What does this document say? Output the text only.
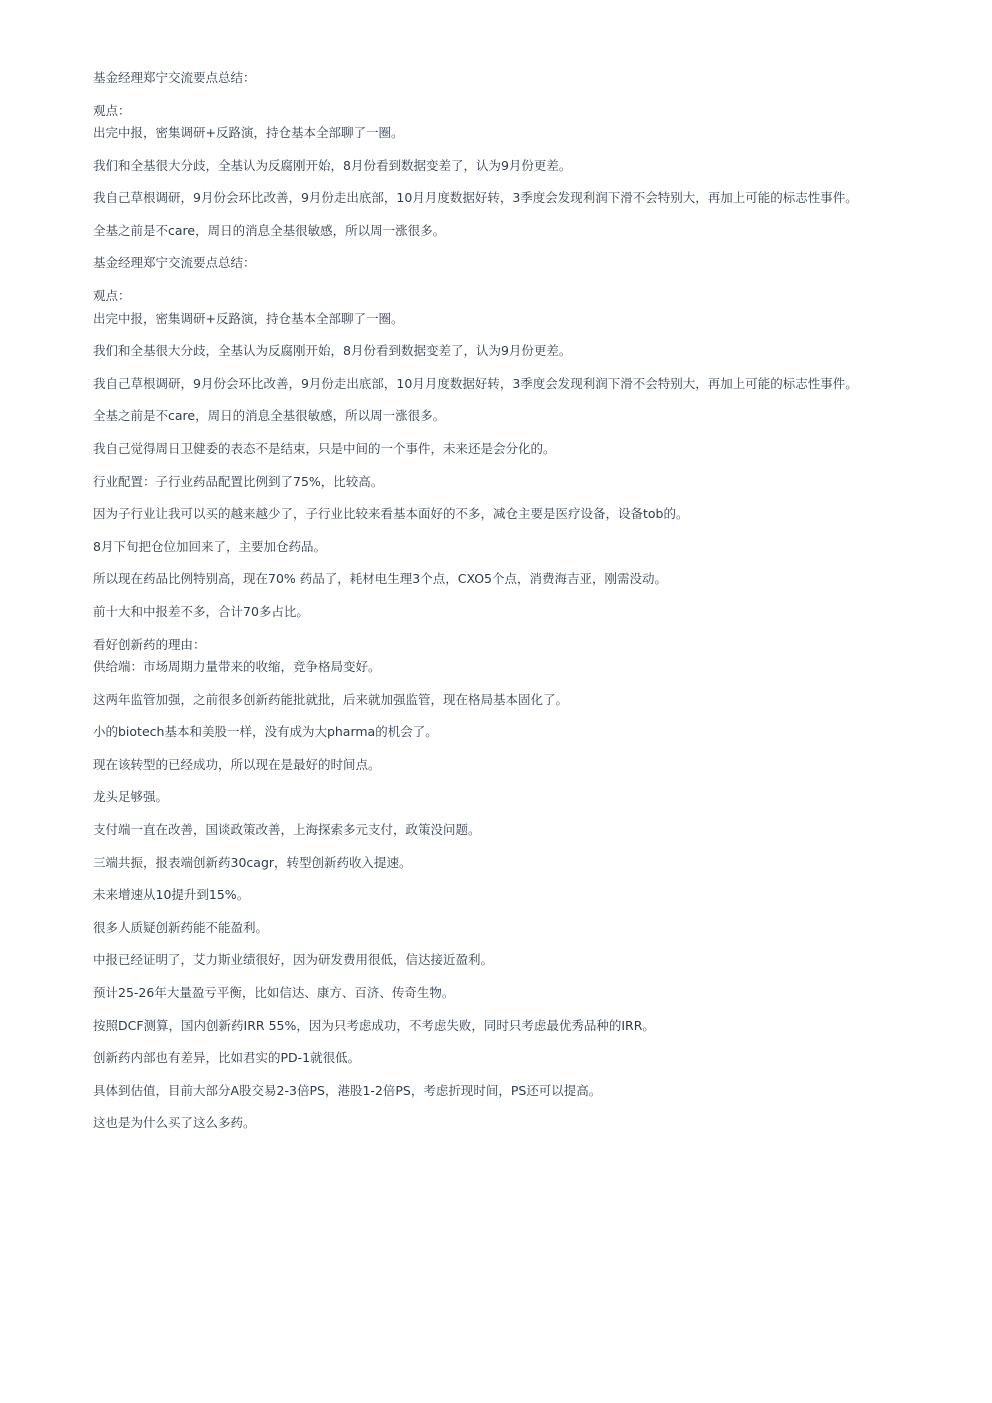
基金经理郑宁交流要点总结：
观点：
出完中报，密集调研+反路演，持仓基本全部聊了一圈。
我们和全基很大分歧，全基认为反腐刚开始，8月份看到数据变差了，认为9月份更差。
我自己草根调研，9月份会环比改善，9月份走出底部，10月月度数据好转，3季度会发现利润下滑不会特别大，再加上可能的标志性事件。
全基之前是不care，周日的消息全基很敏感，所以周一涨很多。
基金经理郑宁交流要点总结：
观点：
出完中报，密集调研+反路演，持仓基本全部聊了一圈。
我们和全基很大分歧，全基认为反腐刚开始，8月份看到数据变差了，认为9月份更差。
我自己草根调研，9月份会环比改善，9月份走出底部，10月月度数据好转，3季度会发现利润下滑不会特别大，再加上可能的标志性事件。
全基之前是不care，周日的消息全基很敏感，所以周一涨很多。
我自己觉得周日卫健委的表态不是结束，只是中间的一个事件，未来还是会分化的。
行业配置：子行业药品配置比例到了75%，比较高。
因为子行业让我可以买的越来越少了，子行业比较来看基本面好的不多，减仓主要是医疗设备，设备tob的。
8月下旬把仓位加回来了，主要加仓药品。
所以现在药品比例特别高，现在70% 药品了，耗材电生理3个点，CXO5个点，消费海吉亚，刚需没动。
前十大和中报差不多，合计70多占比。
看好创新药的理由：
供给端：市场周期力量带来的收缩，竞争格局变好。
这两年监管加强，之前很多创新药能批就批，后来就加强监管，现在格局基本固化了。
小的biotech基本和美股一样，没有成为大pharma的机会了。
现在该转型的已经成功，所以现在是最好的时间点。
龙头足够强。
支付端一直在改善，国谈政策改善，上海探索多元支付，政策没问题。
三端共振，报表端创新药30cagr，转型创新药收入提速。
未来增速从10提升到15%。
很多人质疑创新药能不能盈利。
中报已经证明了，艾力斯业绩很好，因为研发费用很低，信达接近盈利。
预计25-26年大量盈亏平衡，比如信达、康方、百济、传奇生物。
按照DCF测算，国内创新药IRR 55%，因为只考虑成功，不考虑失败，同时只考虑最优秀品种的IRR。
创新药内部也有差异，比如君实的PD-1就很低。
具体到估值，目前大部分A股交易2-3倍PS，港股1-2倍PS，考虑折现时间，PS还可以提高。
这也是为什么买了这么多药。
